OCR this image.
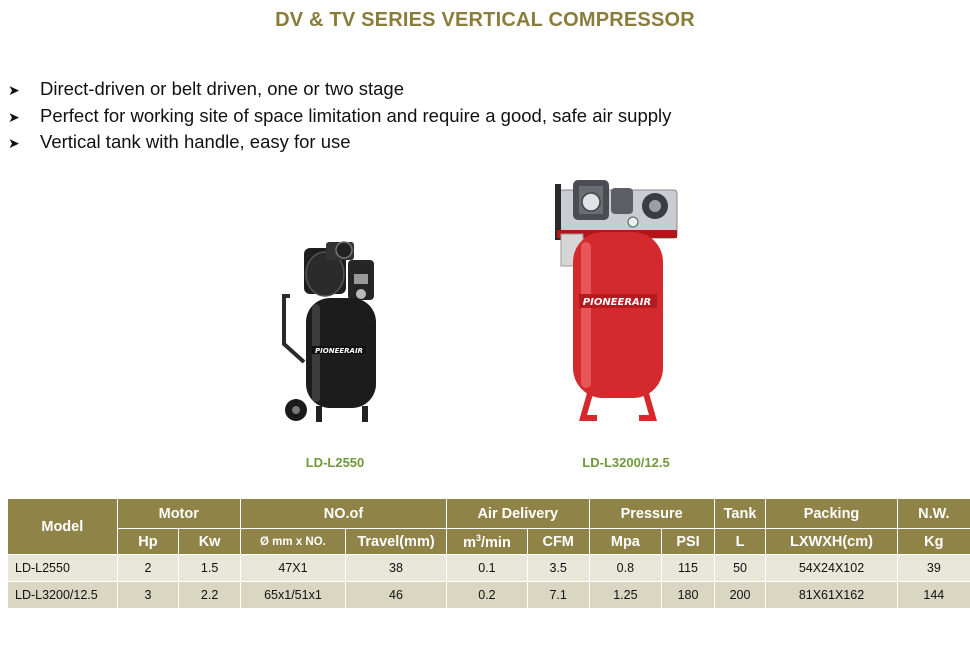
DV & TV SERIES VERTICAL COMPRESSOR
➤ Direct-driven or belt driven, one or two stage
➤ Perfect for working site of space limitation and require a good, safe air supply
➤ Vertical tank with handle, easy for use
PIONEERAIR
LD-L2550
PIONEERAIR
LD-L3200/12.5
Model	Motor		NO.of		Air Delivery		Pressure		Tank	Packing	N.W.
	Hp	Kw	Ø mm x NO.	Travel(mm)	$m^3/\min$	CFM	Mpa	PSI	L	LXWXH(cm)	Kg
LD-L2550	2	1.5	47X1	38	0.1	3.5	0.8	115	50	54X24X102	39
LD-L3200/12.5	3	2.2	65x1/51x1	46	0.2	7.1	1.25	180	200	81X61X162	144
